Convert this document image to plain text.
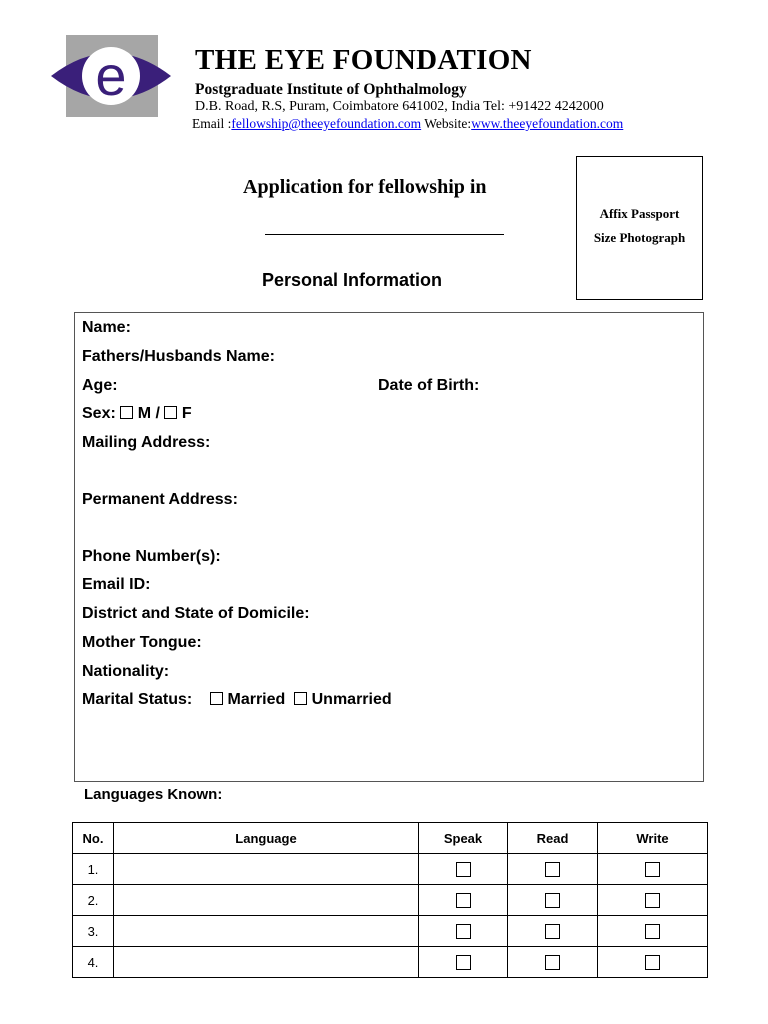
e THE EYE FOUNDATION
Postgraduate Institute of Ophthalmology
D.B. Road, R.S, Puram, Coimbatore 641002, India Tel: +91422 4242000
Email :fellowship@theeyefoundation.com Website:www.theeyefoundation.com
Application for fellowship in
Affix Passport
Size Photograph
Personal Information
Name:
Fathers/Husbands Name:
Age:	Date of Birth:
Sex: M / F
Mailing Address:
Permanent Address:
Phone Number(s):
Email ID:
District and State of Domicile:
Mother Tongue:
Nationality:
Marital Status: Married Unmarried
Languages Known:
No.	Language	Speak	Read	Write
1.				
2.				
3.				
4.				
